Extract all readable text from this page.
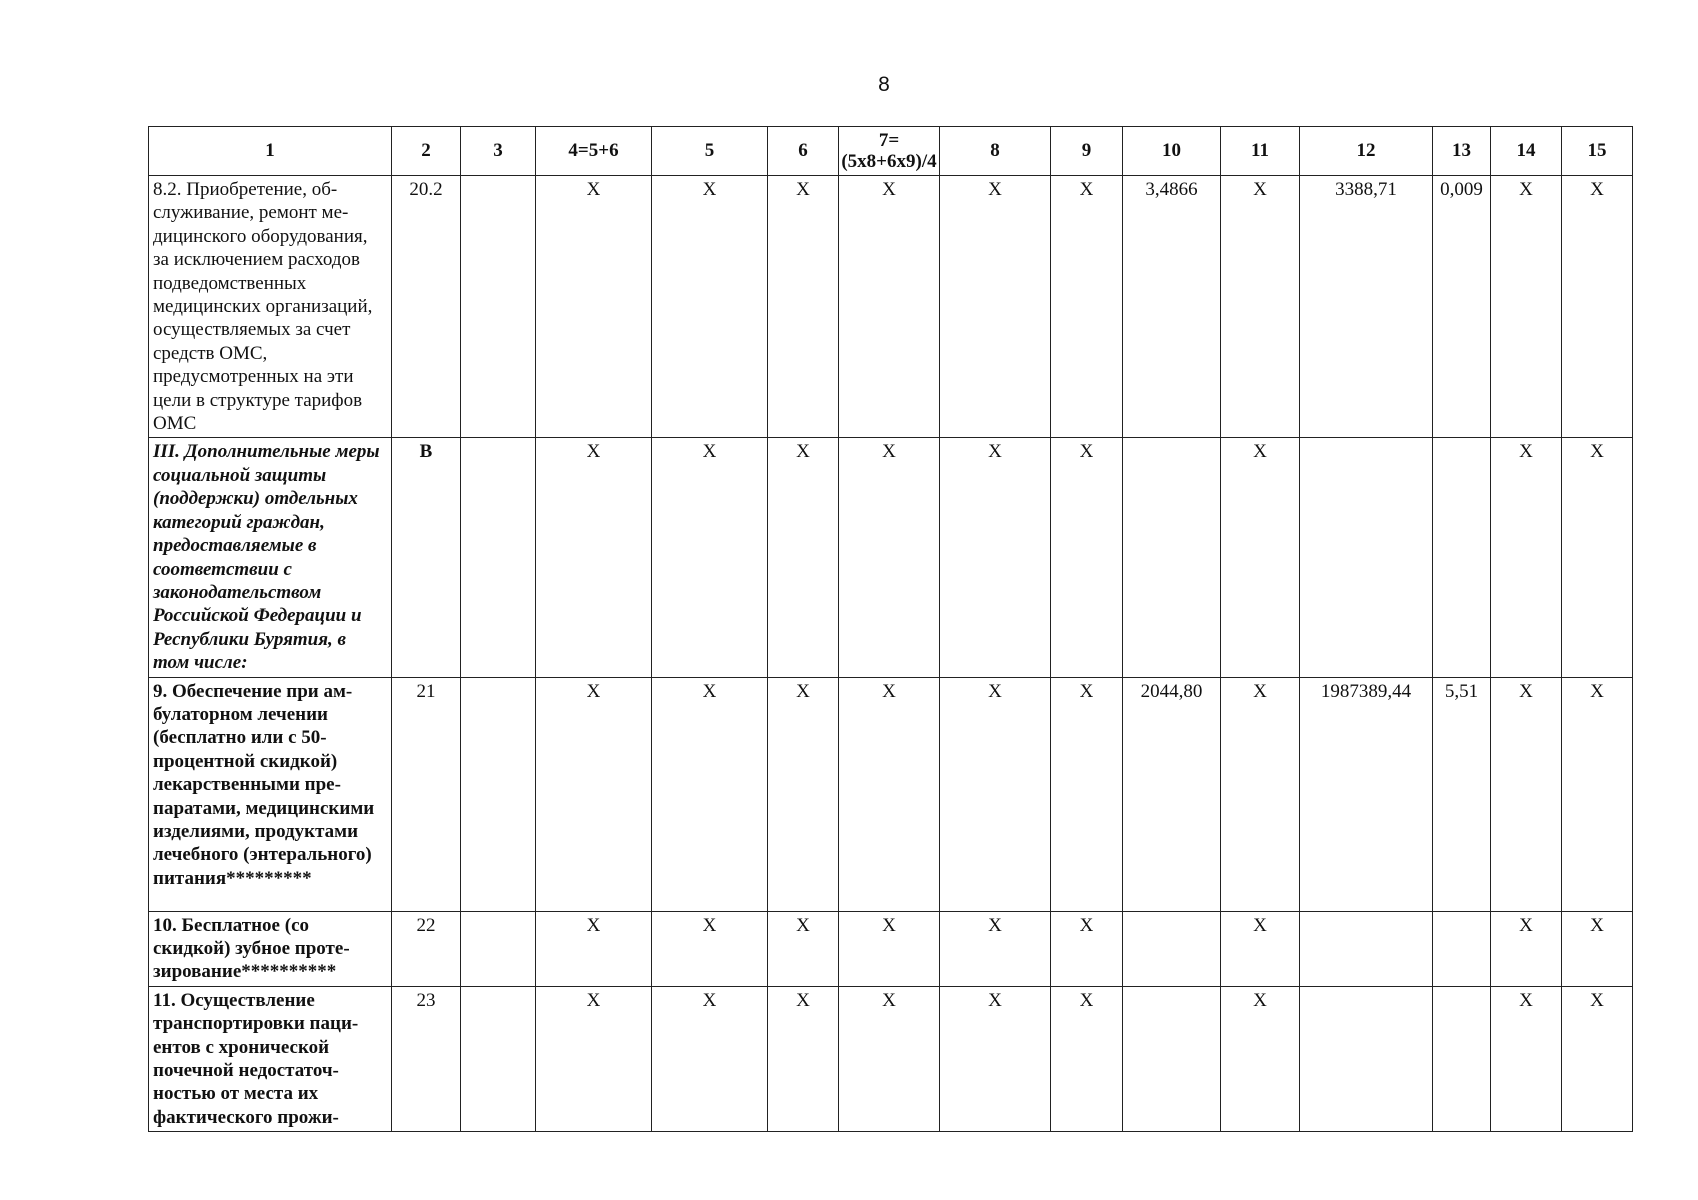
8
1	2	3	4=5+6	5	6	7=(5х8+6х9)/4	8	9	10	11	12	13	14	15
8.2. Приобретение, обслуживание, ремонт медицинского оборудования, за исключением расходов подведомственных медицинских организаций, осуществляемых за счет средств ОМС, предусмотренных на эти цели в структуре тарифов ОМС	20.2		Х	Х	Х	Х	Х	Х	3,4866	Х	3388,71	0,009	Х	Х
III. Дополнительные меры социальной защиты (поддержки) отдельных категорий граждан, предоставляемые в соответствии с законодательством Российской Федерации и Республики Бурятия, в том числе:	В		Х	Х	Х	Х	Х	Х		Х			Х	Х
9. Обеспечение при амбулаторном лечении (бесплатно или с 50-процентной скидкой) лекарственными препаратами, медицинскими изделиями, продуктами лечебного (энтерального) питания*********	21		Х	Х	Х	Х	Х	Х	2044,80	Х	1987389,44	5,51	Х	Х
10. Бесплатное (со скидкой) зубное протезирование**********	22		Х	Х	Х	Х	Х	Х		Х			Х	Х
11. Осуществление транспортировки пациентов с хронической почечной недостаточностью от места их фактического прожи-	23		Х	Х	Х	Х	Х	Х		Х			Х	Х
